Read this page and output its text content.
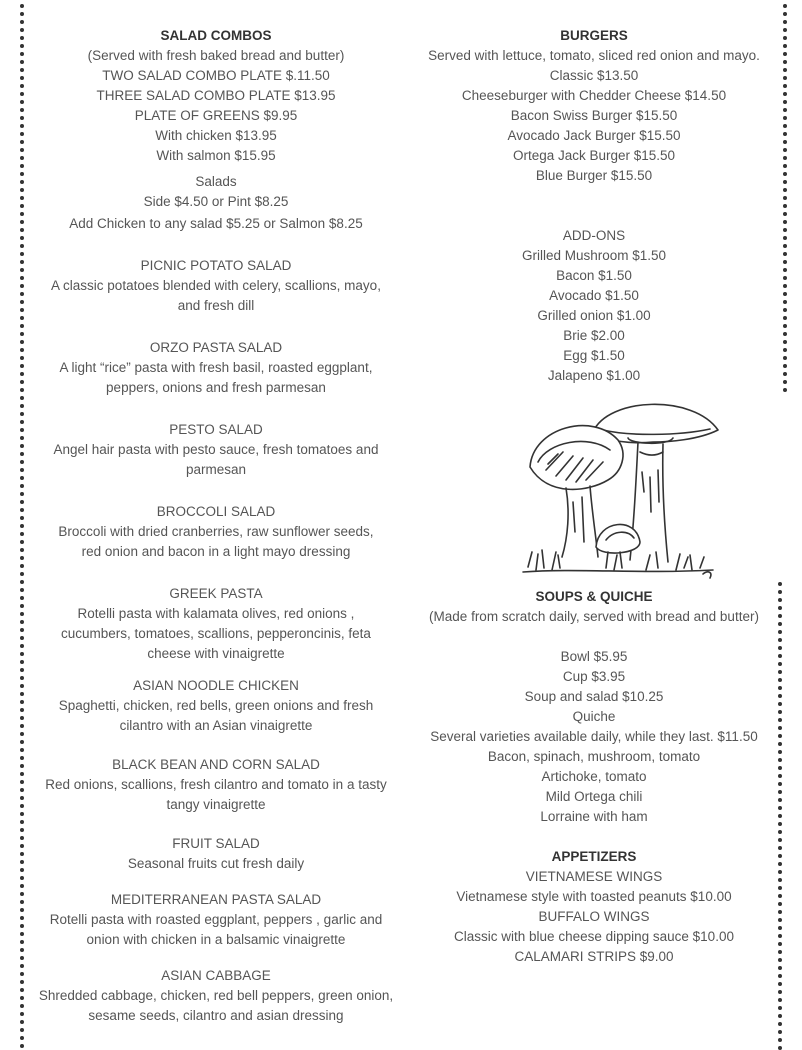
SALAD COMBOS

(Served with fresh baked bread and butter)

TWO SALAD COMBO PLATE $.11.50

THREE SALAD COMBO PLATE $13.95

PLATE OF GREENS $9.95

With chicken $13.95

With salmon $15.95

Salads

Side $4.50 or Pint $8.25

Add Chicken to any salad $5.25 or Salmon $8.25

PICNIC POTATO SALAD

A classic potatoes blended with celery, scallions, mayo,

and fresh dill

ORZO PASTA SALAD

A light “rice” pasta with fresh basil, roasted eggplant,

peppers, onions and fresh parmesan

PESTO SALAD

Angel hair pasta with pesto sauce, fresh tomatoes and

parmesan

BROCCOLI SALAD

Broccoli with dried cranberries, raw sunflower seeds,

red onion and bacon in a light mayo dressing

GREEK PASTA

Rotelli pasta with kalamata olives, red onions ,

cucumbers, tomatoes, scallions, pepperoncinis, feta

cheese with vinaigrette

ASIAN NOODLE CHICKEN

Spaghetti, chicken, red bells, green onions and fresh

cilantro with an Asian vinaigrette

BLACK BEAN AND CORN SALAD

Red onions, scallions, fresh cilantro and tomato in a tasty

tangy vinaigrette

FRUIT SALAD

Seasonal fruits cut fresh daily

MEDITERRANEAN PASTA SALAD

Rotelli pasta with roasted eggplant, peppers , garlic and

onion with chicken in a balsamic vinaigrette

ASIAN CABBAGE

Shredded cabbage, chicken, red bell peppers, green onion,

sesame seeds, cilantro and asian dressing

BURGERS

Served with lettuce, tomato, sliced red onion and mayo.

Classic $13.50

Cheeseburger with Chedder Cheese $14.50

Bacon Swiss Burger $15.50

Avocado Jack Burger $15.50

Ortega Jack Burger $15.50

Blue Burger $15.50

ADD-ONS

Grilled Mushroom $1.50

Bacon $1.50

Avocado $1.50

Grilled onion $1.00

Brie $2.00

Egg $1.50

Jalapeno $1.00

SOUPS & QUICHE

(Made from scratch daily, served with bread and butter)

Bowl $5.95

Cup $3.95

Soup and salad $10.25

Quiche

Several varieties available daily, while they last. $11.50

Bacon, spinach, mushroom, tomato

Artichoke, tomato

Mild Ortega chili

Lorraine with ham

APPETIZERS

VIETNAMESE WINGS

Vietnamese style with toasted peanuts $10.00

BUFFALO WINGS

Classic with blue cheese dipping sauce $10.00

CALAMARI STRIPS $9.00
